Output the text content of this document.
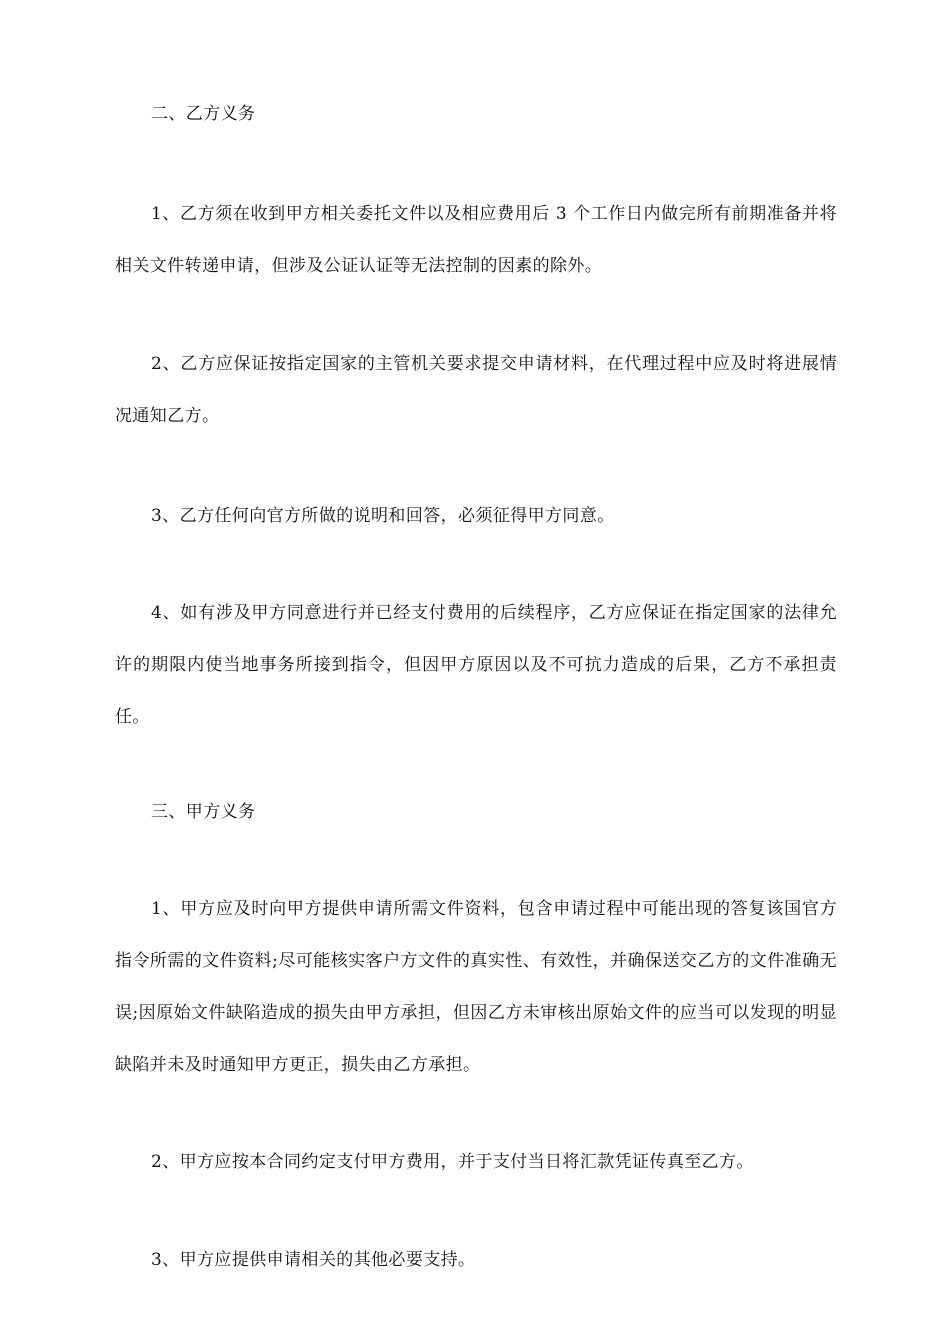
二、乙方义务

1、乙方须在收到甲方相关委托文件以及相应费用后 3 个工作日内做完所有前期准备并将相关文件转递申请，但涉及公证认证等无法控制的因素的除外。

2、乙方应保证按指定国家的主管机关要求提交申请材料，在代理过程中应及时将进展情况通知乙方。

3、乙方任何向官方所做的说明和回答，必须征得甲方同意。

4、如有涉及甲方同意进行并已经支付费用的后续程序，乙方应保证在指定国家的法律允许的期限内使当地事务所接到指令，但因甲方原因以及不可抗力造成的后果，乙方不承担责任。

三、甲方义务

1、甲方应及时向甲方提供申请所需文件资料，包含申请过程中可能出现的答复该国官方指令所需的文件资料;尽可能核实客户方文件的真实性、有效性，并确保送交乙方的文件准确无误;因原始文件缺陷造成的损失由甲方承担，但因乙方未审核出原始文件的应当可以发现的明显缺陷并未及时通知甲方更正，损失由乙方承担。

2、甲方应按本合同约定支付甲方费用，并于支付当日将汇款凭证传真至乙方。

3、甲方应提供申请相关的其他必要支持。
